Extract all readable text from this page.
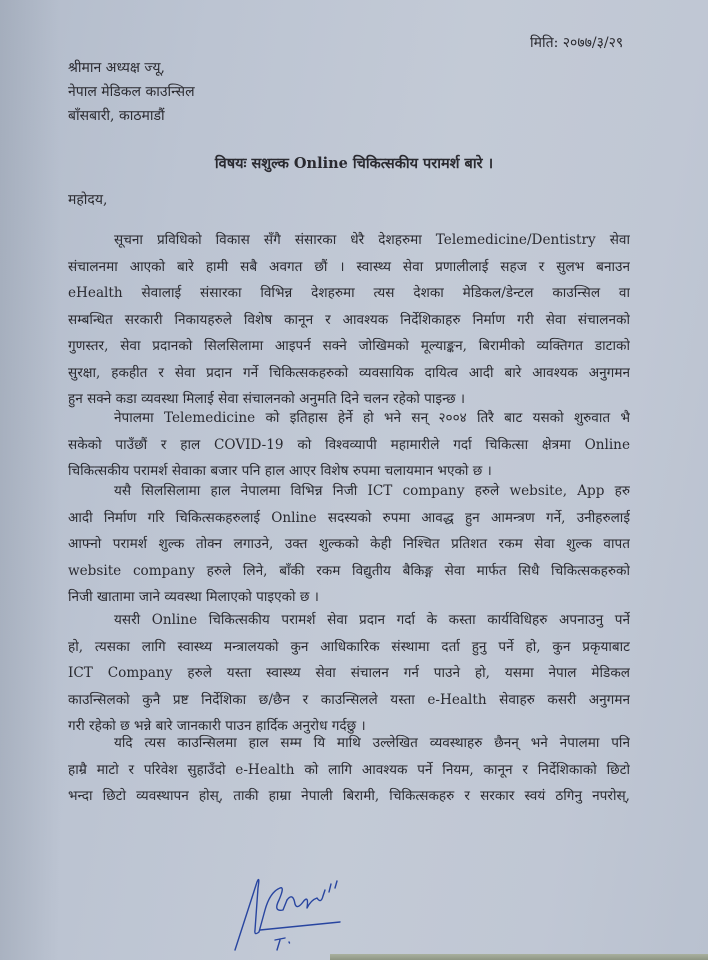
मिति: २०७७/३/२९
श्रीमान अध्यक्ष ज्यू,
नेपाल मेडिकल काउन्सिल
बाँसबारी, काठमाडौं
विषयः सशुल्क Online चिकित्सकीय परामर्श बारे ।
महोदय,
सूचना प्रविधिको विकास सँगै संसारका धेरै देशहरुमा Telemedicine/Dentistry सेवा
संचालनमा आएको बारे हामी सबै अवगत छौं । स्वास्थ्य सेवा प्रणालीलाई सहज र सुलभ बनाउन
eHealth सेवालाई संसारका विभिन्न देशहरुमा त्यस देशका मेडिकल/डेन्टल काउन्सिल वा
सम्बन्धित सरकारी निकायहरुले विशेष कानून र आवश्यक निर्देशिकाहरु निर्माण गरी सेवा संचालनको
गुणस्तर, सेवा प्रदानको सिलसिलामा आइपर्न सक्ने जोखिमको मूल्याङ्कन, बिरामीको व्यक्तिगत डाटाको
सुरक्षा, हकहीत र सेवा प्रदान गर्ने चिकित्सकहरुको व्यवसायिक दायित्व आदी बारे आवश्यक अनुगमन
हुन सक्ने कडा व्यवस्था मिलाई सेवा संचालनको अनुमति दिने चलन रहेको पाइन्छ ।
नेपालमा Telemedicine को इतिहास हेर्ने हो भने सन् २००४ तिरै बाट यसको शुरुवात भै
सकेको पाउँछौं र हाल COVID-19 को विश्वव्यापी महामारीले गर्दा चिकित्सा क्षेत्रमा Online
चिकित्सकीय परामर्श सेवाका बजार पनि हाल आएर विशेष रुपमा चलायमान भएको छ ।
यसै सिलसिलामा हाल नेपालमा विभिन्न निजी ICT company हरुले website, App हरु
आदी निर्माण गरि चिकित्सकहरुलाई Online सदस्यको रुपमा आवद्ध हुन आमन्त्रण गर्ने, उनीहरुलाई
आफ्नो परामर्श शुल्क तोक्न लगाउने, उक्त शुल्कको केही निश्चित प्रतिशत रकम सेवा शुल्क वापत
website company हरुले लिने, बाँकी रकम विद्युतीय बैकिङ्ग सेवा मार्फत सिधै चिकित्सकहरुको
निजी खातामा जाने व्यवस्था मिलाएको पाइएको छ ।
यसरी Online चिकित्सकीय परामर्श सेवा प्रदान गर्दा के कस्ता कार्यविधिहरु अपनाउनु पर्ने
हो, त्यसका लागि स्वास्थ्य मन्त्रालयको कुन आधिकारिक संस्थामा दर्ता हुनु पर्ने हो, कुन प्रकृयाबाट
ICT Company हरुले यस्ता स्वास्थ्य सेवा संचालन गर्न पाउने हो, यसमा नेपाल मेडिकल
काउन्सिलको कुनै प्रष्ट निर्देशिका छ/छैन र काउन्सिलले यस्ता e-Health सेवाहरु कसरी अनुगमन
गरी रहेको छ भन्ने बारे जानकारी पाउन हार्दिक अनुरोध गर्दछु ।
यदि त्यस काउन्सिलमा हाल सम्म यि माथि उल्लेखित व्यवस्थाहरु छैनन् भने नेपालमा पनि
हाम्रै माटो र परिवेश सुहाउँदो e-Health को लागि आवश्यक पर्ने नियम, कानून र निर्देशिकाको छिटो
भन्दा छिटो व्यवस्थापन होस्, ताकी हाम्रा नेपाली बिरामी, चिकित्सकहरु र सरकार स्वयं ठगिनु नपरोस्,
